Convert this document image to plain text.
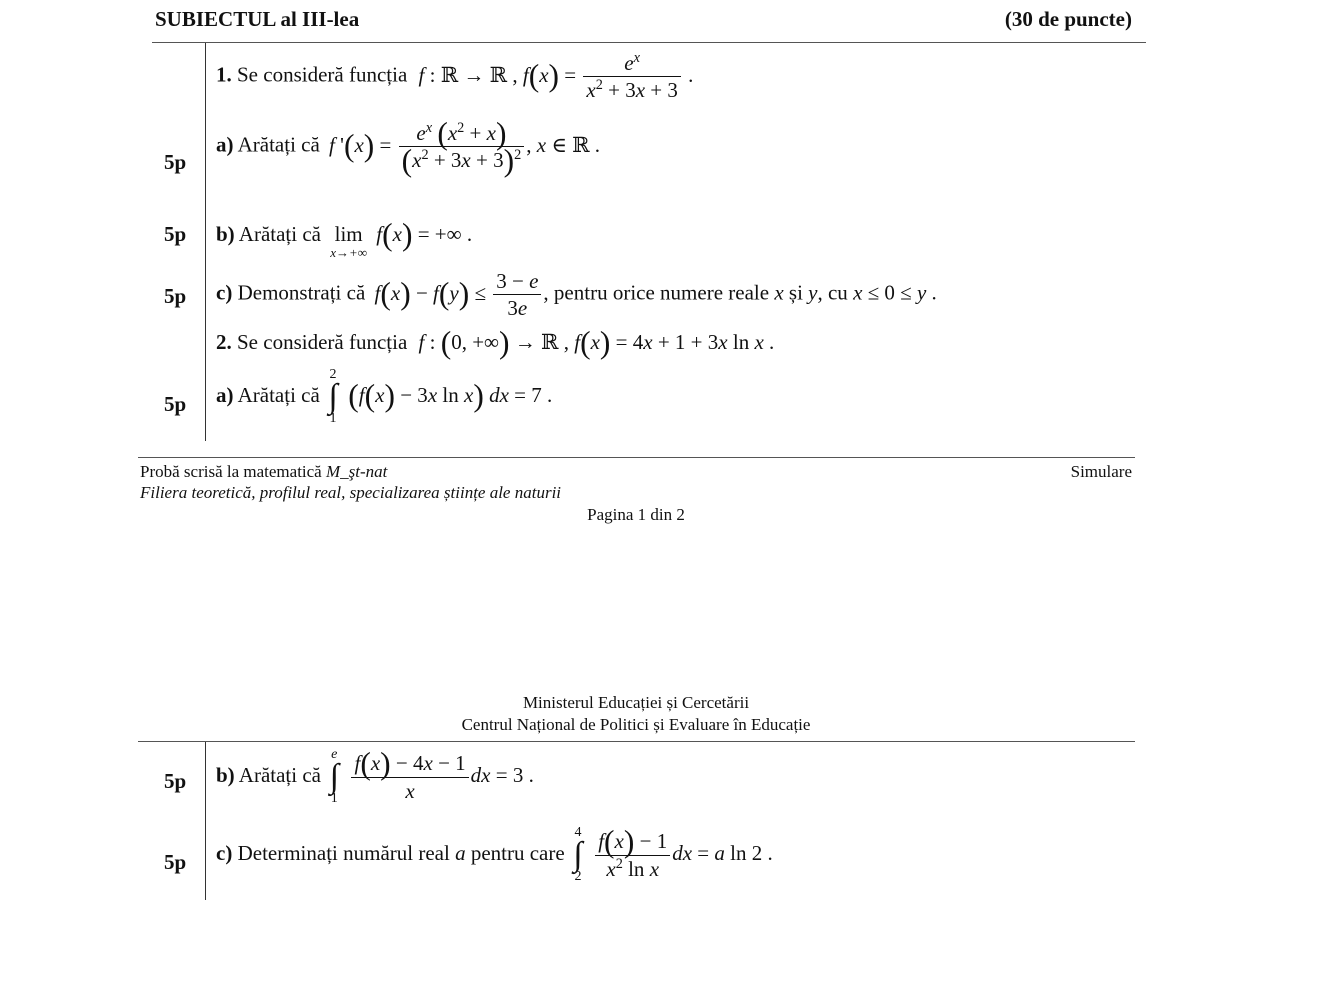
SUBIECTUL al III-lea	(30 de puncte)
1. Se consideră funcția f : ℝ → ℝ , $f(x) = \frac{e^x}{x^2 + 3x + 3}$ .
5p
a) Arătați că f '$(x) = \frac{e^x (x^2 + x)}{(x^2 + 3x + 3)^2}$ , x ∈ ℝ .
5p b) Arătați că lim
x→+∞
f(x) = +∞ .
5p c) Demonstrați că $f(x) - f(y) \le \frac{3 - e}{3e}$ , pentru orice numere reale x și y, cu x ≤ 0 ≤ y .
2. Se consideră funcția f : (0, +∞) → ℝ , f(x) = 4x + 1 + 3x ln x .
5p a) Arătați că
2
∫
1
(f(x) − 3x ln x) dx = 7 .
Probă scrisă la matematică M_şt-nat
Filiera teoretică, profilul real, specializarea științe ale naturii
Simulare
Pagina 1 din 2
Ministerul Educației și Cercetării
Centrul Național de Politici și Evaluare în Educație
5p b) Arătați că
e
∫
1
$\frac{f(x) - 4x - 1}{x}$ dx = 3 .
5p c) Determinați numărul real a pentru care
4
∫
2
$\frac{f(x) - 1}{x^2 \ln x}$ dx = a ln 2 .
